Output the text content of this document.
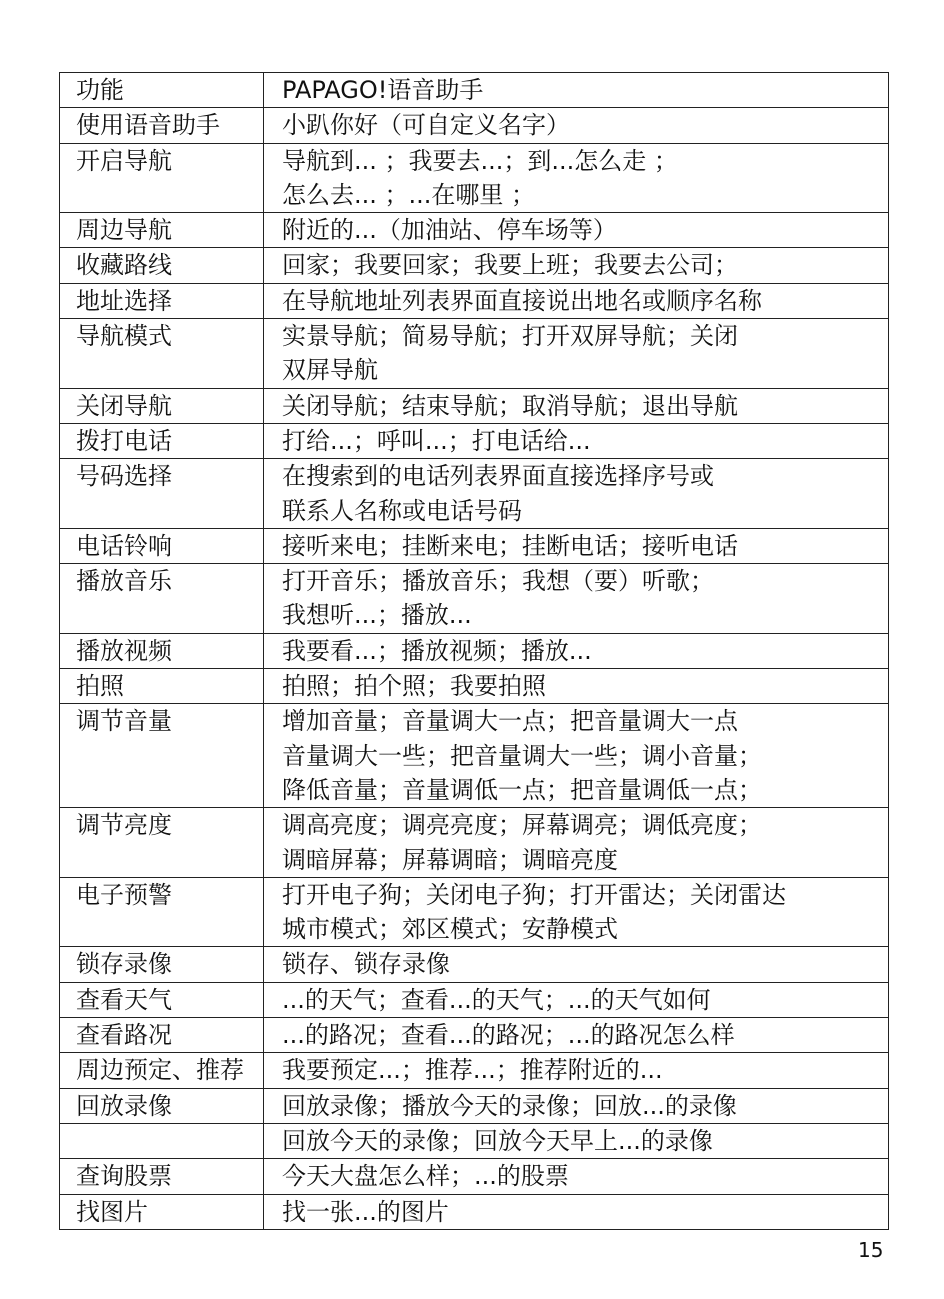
功能	PAPAGO!语音助手

使用语音助手	小趴你好（可自定义名字）

开启导航	导航到... ；我要去...；到...怎么走 ；
怎么去... ；...在哪里 ；

周边导航	附近的...（加油站、停车场等）

收藏路线	回家；我要回家；我要上班；我要去公司；

地址选择	在导航地址列表界面直接说出地名或顺序名称

导航模式	实景导航；简易导航；打开双屏导航；关闭
双屏导航

关闭导航	关闭导航；结束导航；取消导航；退出导航

拨打电话	打给...；呼叫...；打电话给...

号码选择	在搜索到的电话列表界面直接选择序号或
联系人名称或电话号码

电话铃响	接听来电；挂断来电；挂断电话；接听电话

播放音乐	打开音乐；播放音乐；我想（要）听歌；
我想听...；播放...

播放视频	我要看...；播放视频；播放...

拍照	拍照；拍个照；我要拍照

调节音量	增加音量；音量调大一点；把音量调大一点
音量调大一些；把音量调大一些；调小音量；
降低音量；音量调低一点；把音量调低一点；

调节亮度	调高亮度；调亮亮度；屏幕调亮；调低亮度；
调暗屏幕；屏幕调暗；调暗亮度

电子预警	打开电子狗；关闭电子狗；打开雷达；关闭雷达
城市模式；郊区模式；安静模式

锁存录像	锁存、锁存录像

查看天气	...的天气；查看...的天气；...的天气如何

查看路况	...的路况；查看...的路况；...的路况怎么样

周边预定、推荐	我要预定...；推荐...；推荐附近的...

回放录像	回放录像；播放今天的录像；回放...的录像

	回放今天的录像；回放今天早上...的录像

查询股票	今天大盘怎么样；...的股票

找图片	找一张...的图片
15
